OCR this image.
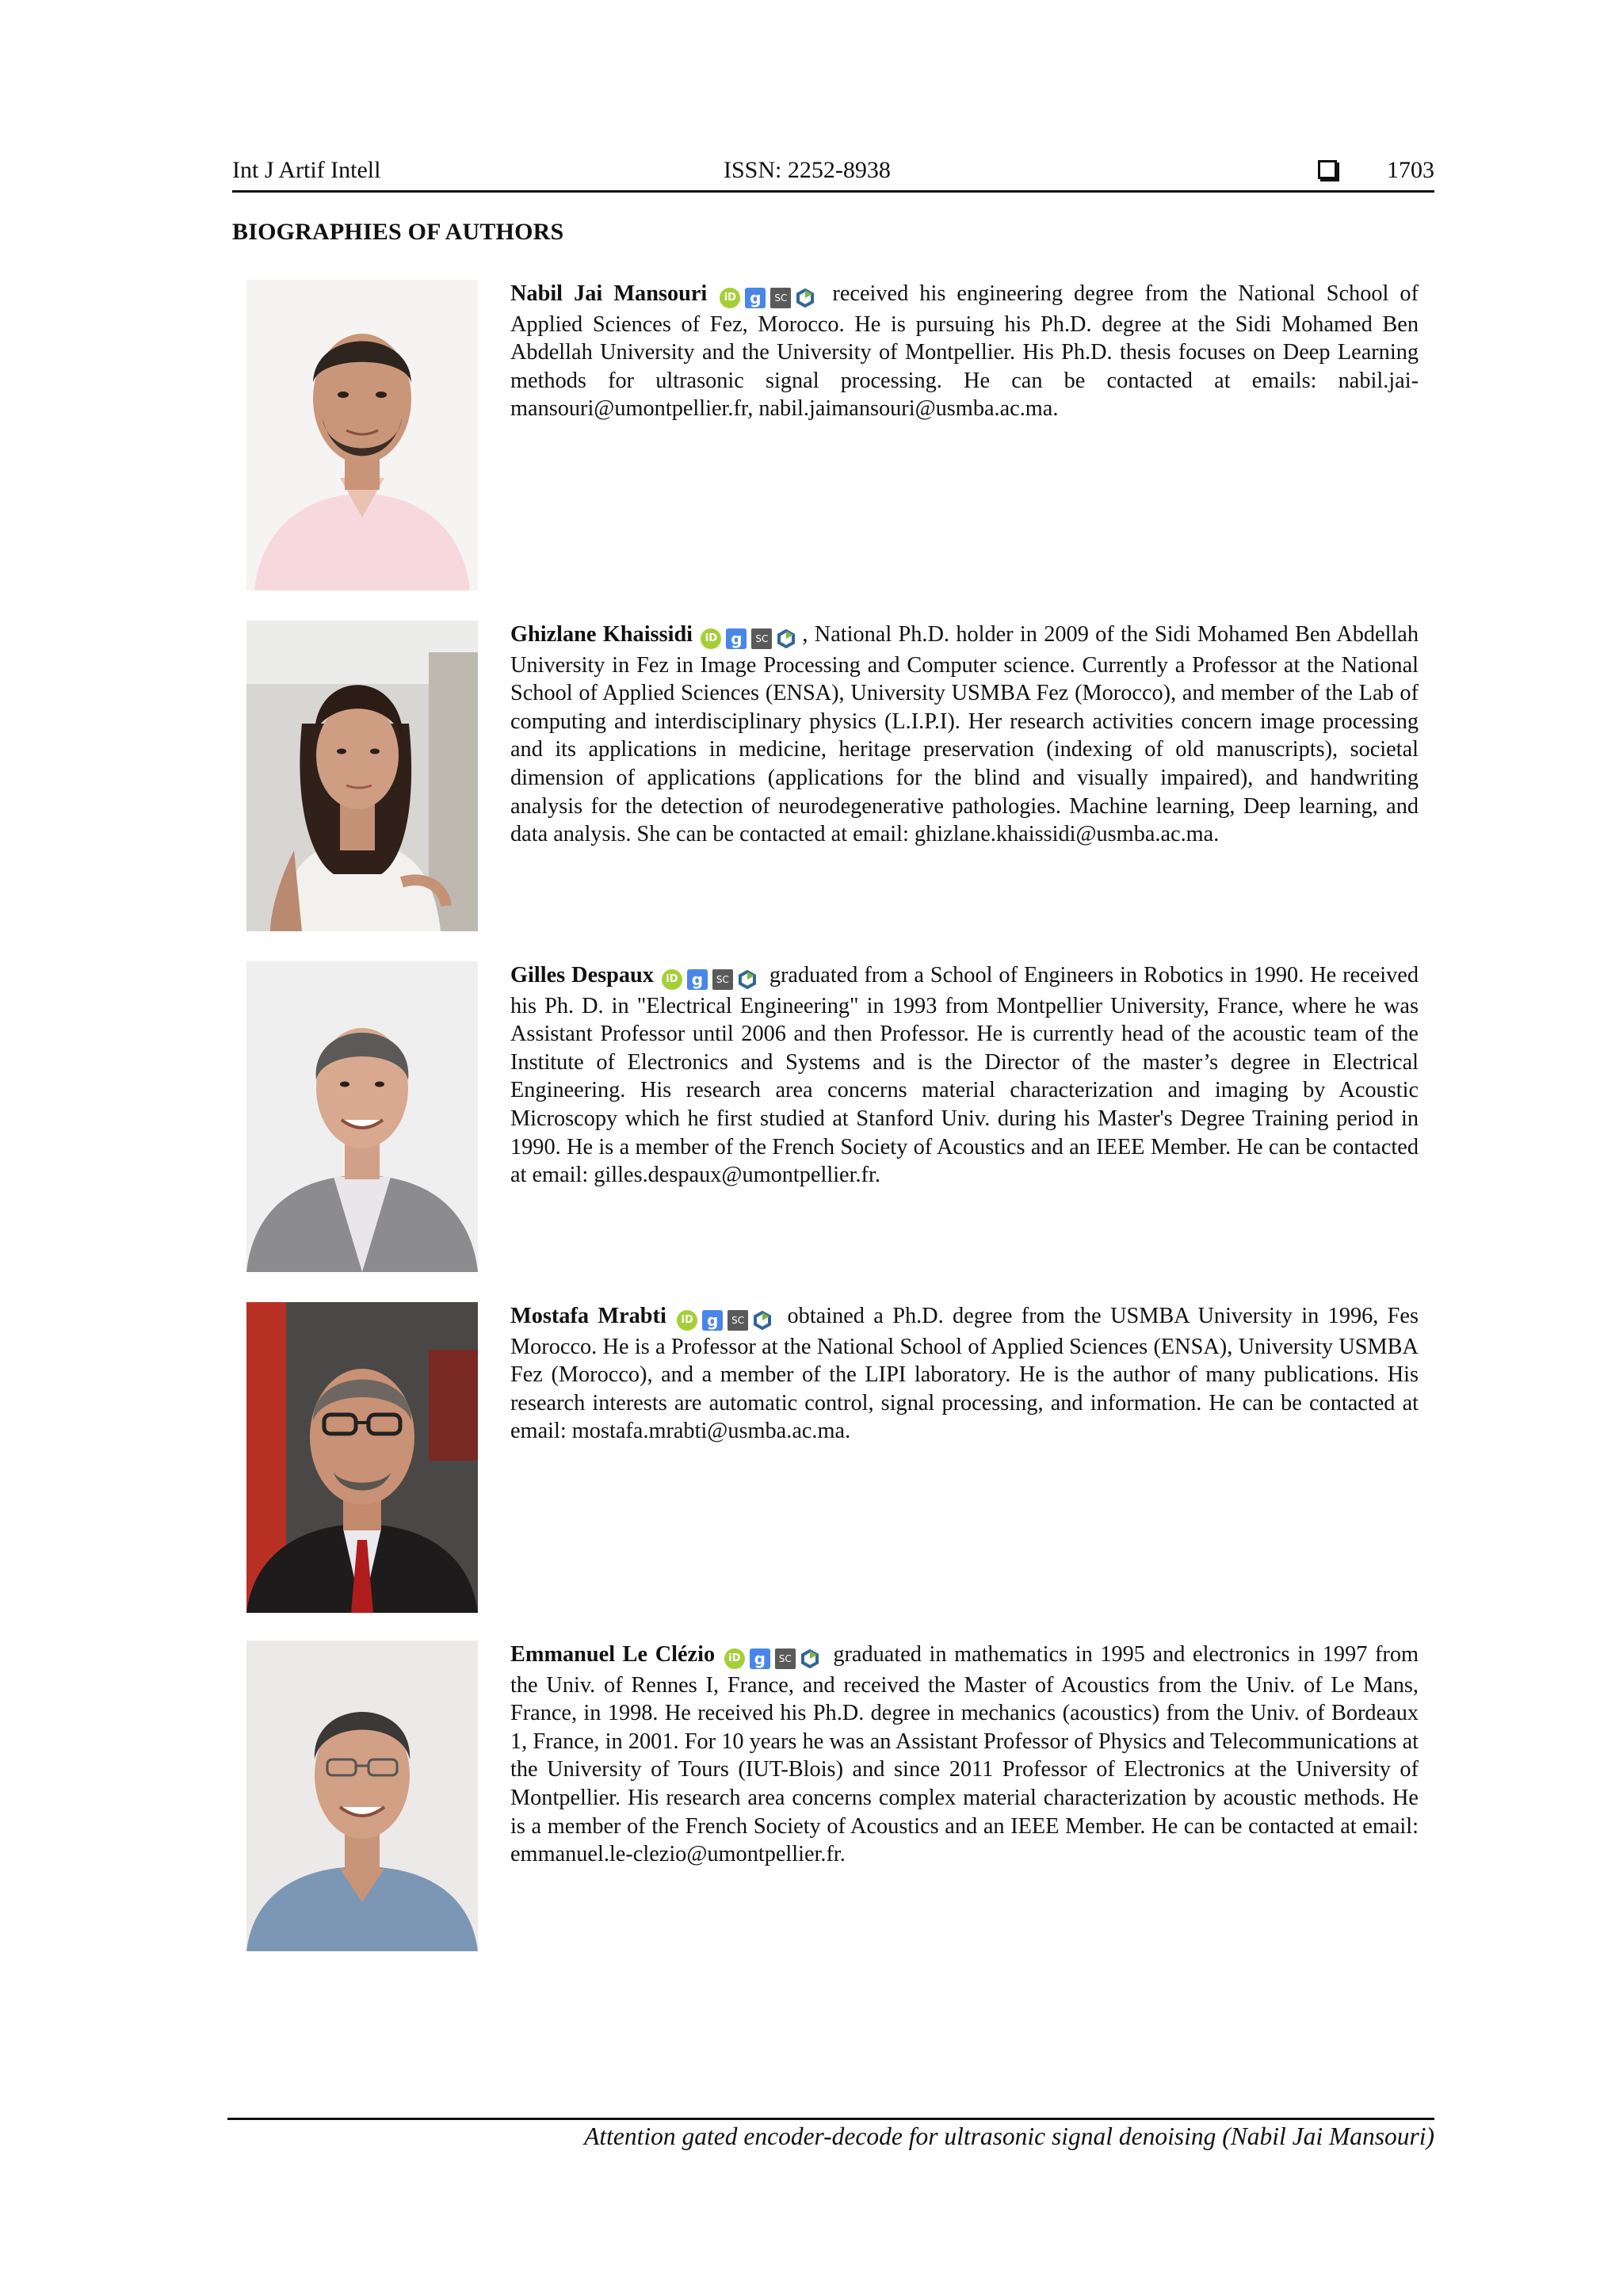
Int J Artif Intell	ISSN: 2252-8938	1703
BIOGRAPHIES OF AUTHORS

Nabil Jai Mansouri iD g SC received his engineering degree from the National School of Applied Sciences of Fez, Morocco. He is pursuing his Ph.D. degree at the Sidi Mohamed Ben Abdellah University and the University of Montpellier. His Ph.D. thesis focuses on Deep Learning methods for ultrasonic signal processing. He can be contacted at emails: nabil.jai-mansouri@umontpellier.fr, nabil.jaimansouri@usmba.ac.ma.

Ghizlane Khaissidi iD g SC , National Ph.D. holder in 2009 of the Sidi Mohamed Ben Abdellah University in Fez in Image Processing and Computer science. Currently a Professor at the National School of Applied Sciences (ENSA), University USMBA Fez (Morocco), and member of the Lab of computing and interdisciplinary physics (L.I.P.I). Her research activities concern image processing and its applications in medicine, heritage preservation (indexing of old manuscripts), societal dimension of applications (applications for the blind and visually impaired), and handwriting analysis for the detection of neurodegenerative pathologies. Machine learning, Deep learning, and data analysis. She can be contacted at email: ghizlane.khaissidi@usmba.ac.ma.

Gilles Despaux iD g SC graduated from a School of Engineers in Robotics in 1990. He received his Ph. D. in "Electrical Engineering" in 1993 from Montpellier University, France, where he was Assistant Professor until 2006 and then Professor. He is currently head of the acoustic team of the Institute of Electronics and Systems and is the Director of the master’s degree in Electrical Engineering. His research area concerns material characterization and imaging by Acoustic Microscopy which he first studied at Stanford Univ. during his Master's Degree Training period in 1990. He is a member of the French Society of Acoustics and an IEEE Member. He can be contacted at email: gilles.despaux@umontpellier.fr.

Mostafa Mrabti iD g SC obtained a Ph.D. degree from the USMBA University in 1996, Fes Morocco. He is a Professor at the National School of Applied Sciences (ENSA), University USMBA Fez (Morocco), and a member of the LIPI laboratory. He is the author of many publications. His research interests are automatic control, signal processing, and information. He can be contacted at email: mostafa.mrabti@usmba.ac.ma.

Emmanuel Le Clézio iD g SC graduated in mathematics in 1995 and electronics in 1997 from the Univ. of Rennes I, France, and received the Master of Acoustics from the Univ. of Le Mans, France, in 1998. He received his Ph.D. degree in mechanics (acoustics) from the Univ. of Bordeaux 1, France, in 2001. For 10 years he was an Assistant Professor of Physics and Telecommunications at the University of Tours (IUT-Blois) and since 2011 Professor of Electronics at the University of Montpellier. His research area concerns complex material characterization by acoustic methods. He is a member of the French Society of Acoustics and an IEEE Member. He can be contacted at email: emmanuel.le-clezio@umontpellier.fr.

Attention gated encoder-decode for ultrasonic signal denoising (Nabil Jai Mansouri)
